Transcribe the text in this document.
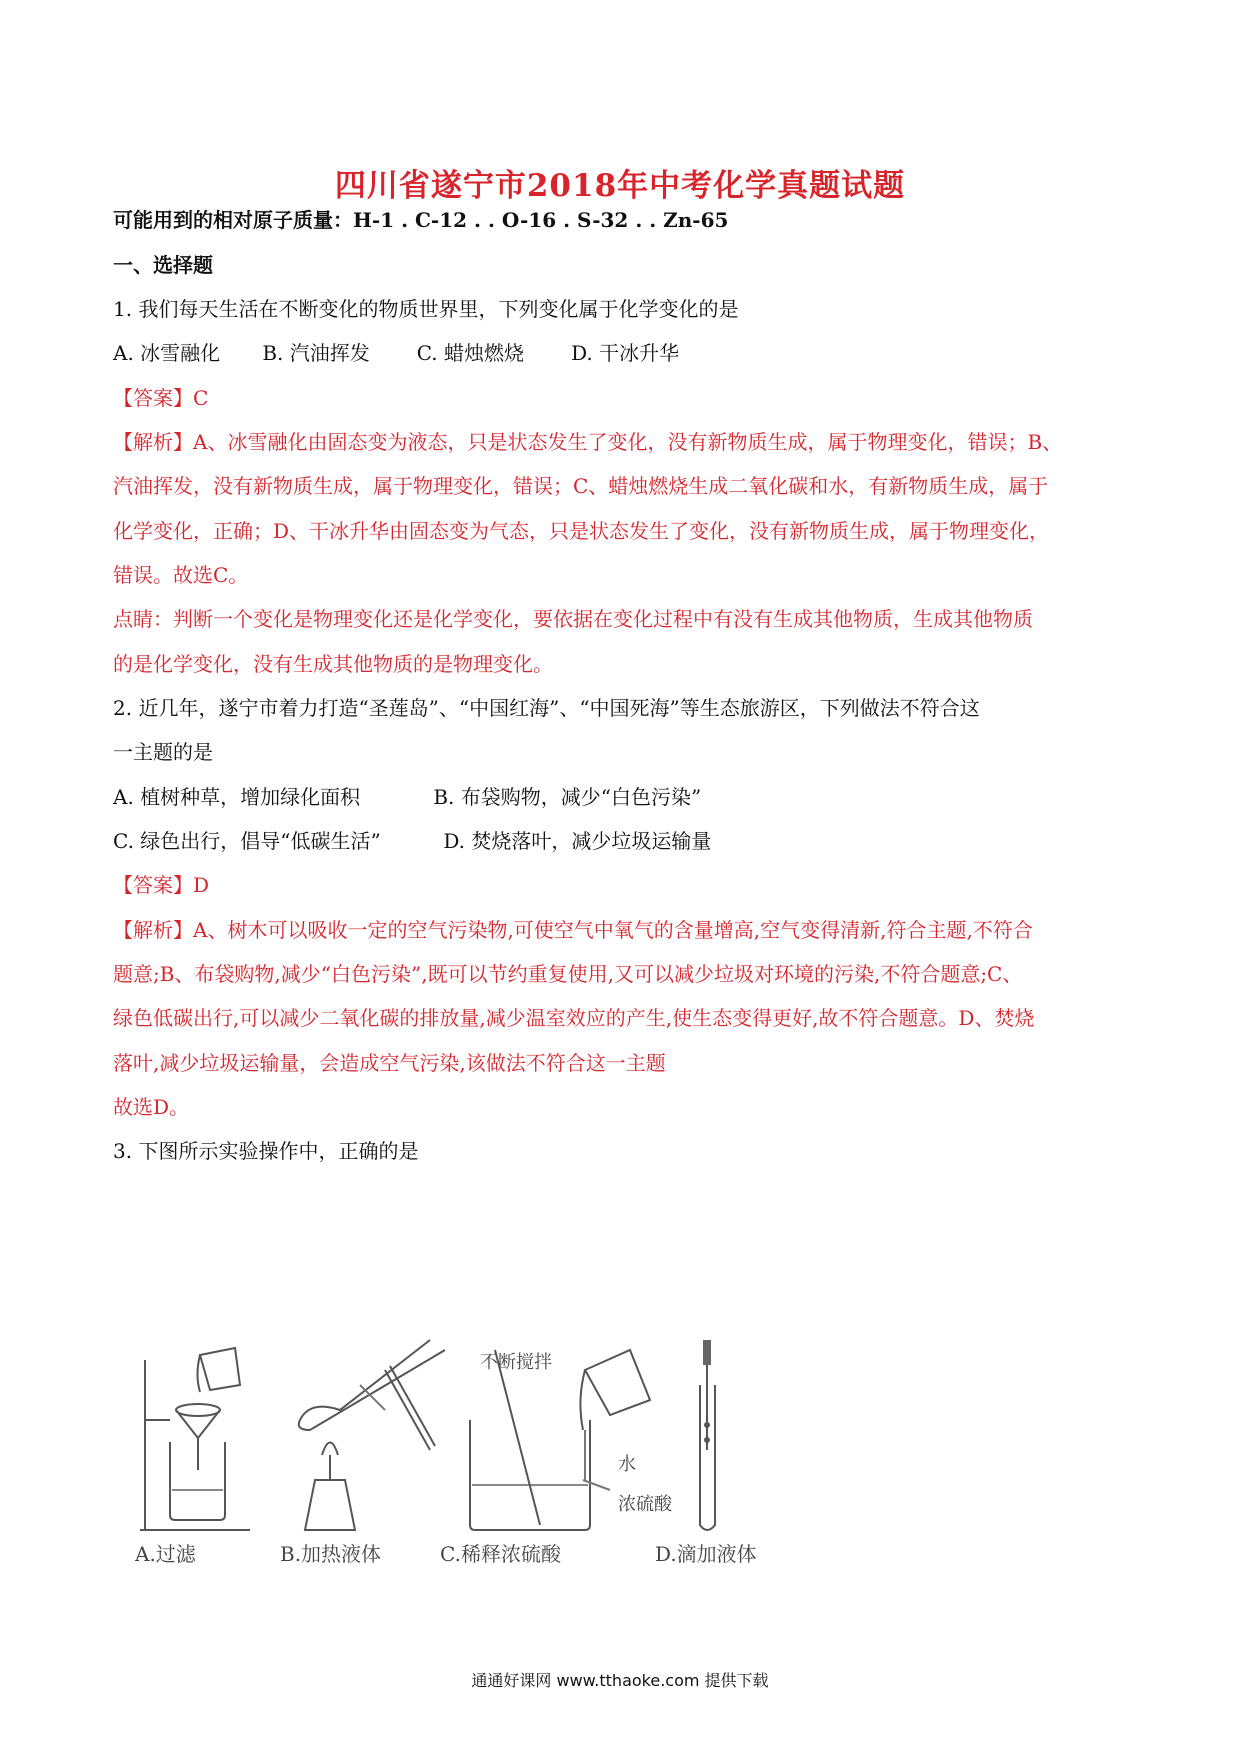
四川省遂宁市2018年中考化学真题试题
可能用到的相对原子质量：H-1 . C-12 . . O-16 . S-32 . . Zn-65
一、选择题
1. 我们每天生活在不断变化的物质世界里，下列变化属于化学变化的是
A. 冰雪融化 B. 汽油挥发 C. 蜡烛燃烧 D. 干冰升华
【答案】C
【解析】A、冰雪融化由固态变为液态，只是状态发生了变化，没有新物质生成，属于物理变化，错误；B、
汽油挥发，没有新物质生成，属于物理变化，错误；C、蜡烛燃烧生成二氧化碳和水，有新物质生成，属于
化学变化，正确；D、干冰升华由固态变为气态，只是状态发生了变化，没有新物质生成，属于物理变化，
错误。故选C。
点睛：判断一个变化是物理变化还是化学变化，要依据在变化过程中有没有生成其他物质，生成其他物质
的是化学变化，没有生成其他物质的是物理变化。
2. 近几年，遂宁市着力打造“圣莲岛”、“中国红海”、“中国死海”等生态旅游区，下列做法不符合这
一主题的是
A. 植树种草，增加绿化面积	B. 布袋购物，减少“白色污染”
C. 绿色出行，倡导“低碳生活”	D. 焚烧落叶，减少垃圾运输量
【答案】D
【解析】A、树木可以吸收一定的空气污染物,可使空气中氧气的含量增高,空气变得清新,符合主题,不符合
题意;B、布袋购物,减少“白色污染”,既可以节约重复使用,又可以减少垃圾对环境的污染,不符合题意;C、
绿色低碳出行,可以减少二氧化碳的排放量,减少温室效应的产生,使生态变得更好,故不符合题意。D、焚烧
落叶,减少垃圾运输量，会造成空气污染,该做法不符合这一主题
故选D。
3. 下图所示实验操作中，正确的是
不断搅拌
水
浓硫酸
A.过滤	B.加热液体	C.稀释浓硫酸	D.滴加液体
通通好课网 www.tthaoke.com 提供下载
